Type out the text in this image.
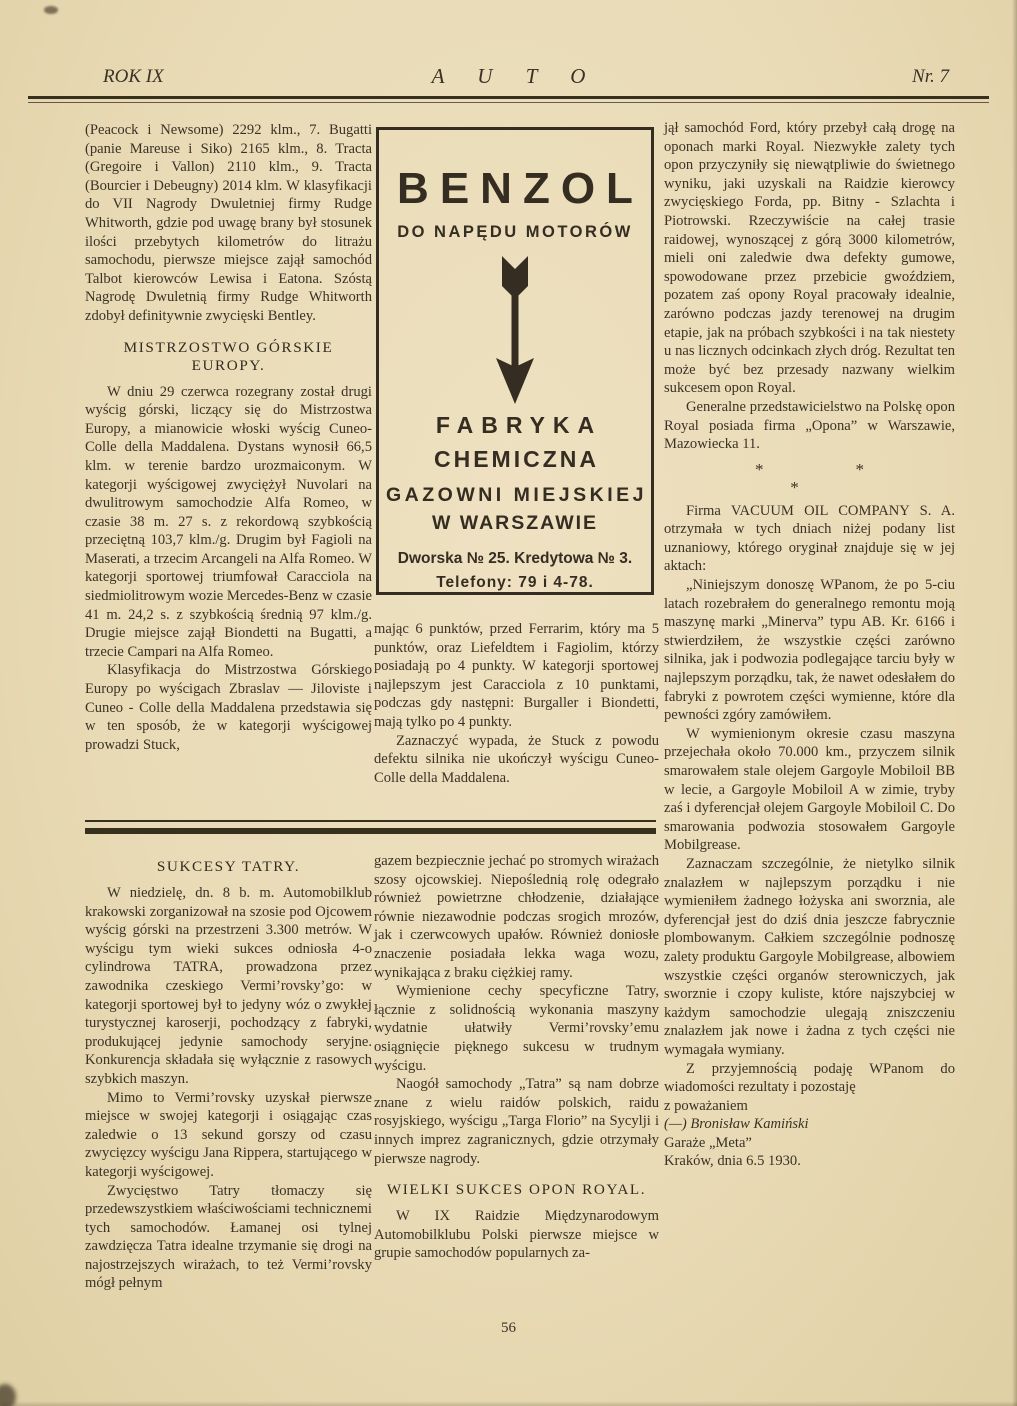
ROK IX	A U T O	Nr. 7

(Peacock i Newsome) 2292 klm., 7. Bugatti (panie Mareuse i Siko) 2165 klm., 8. Tracta (Gregoire i Vallon) 2110 klm., 9. Tracta (Bourcier i Debeugny) 2014 klm. W klasyfikacji do VII Nagrody Dwuletniej firmy Rudge Whitworth, gdzie pod uwagę brany był stosunek ilości przebytych kilometrów do litrażu samochodu, pierwsze miejsce zajął samochód Talbot kierowców Lewisa i Eatona. Szóstą Nagrodę Dwuletnią firmy Rudge Whitworth zdobył definitywnie zwycięski Bentley.

MISTRZOSTWO GÓRSKIE EUROPY.

W dniu 29 czerwca rozegrany został drugi wyścig górski, liczący się do Mistrzostwa Europy, a mianowicie włoski wyścig Cuneo-Colle della Maddalena. Dystans wynosił 66,5 klm. w terenie bardzo urozmaiconym. W kategorji wyścigowej zwyciężył Nuvolari na dwulitrowym samochodzie Alfa Romeo, w czasie 38 m. 27 s. z rekordową szybkością przeciętną 103,7 klm./g. Drugim był Fagioli na Maserati, a trzecim Arcangeli na Alfa Romeo. W kategorji sportowej triumfował Caracciola na siedmiolitrowym wozie Mercedes-Benz w czasie 41 m. 24,2 s. z szybkością średnią 97 klm./g. Drugie miejsce zajął Biondetti na Bugatti, a trzecie Campari na Alfa Romeo.

Klasyfikacja do Mistrzostwa Górskiego Europy po wyścigach Zbraslav — Jiloviste i Cuneo - Colle della Maddalena przedstawia się w ten sposób, że w kategorji wyścigowej prowadzi Stuck,

BENZOL
DO NAPĘDU MOTORÓW
FABRYKA
CHEMICZNA
GAZOWNI MIEJSKIEJ
W WARSZAWIE
Dworska № 25. Kredytowa № 3.
Telefony: 79 i 4-78.

mając 6 punktów, przed Ferrarim, który ma 5 punktów, oraz Liefeldtem i Fagiolim, którzy posiadają po 4 punkty. W kategorji sportowej najlepszym jest Caracciola z 10 punktami, podczas gdy następni: Burgaller i Biondetti, mają tylko po 4 punkty.

Zaznaczyć wypada, że Stuck z powodu defektu silnika nie ukończył wyścigu Cuneo-Colle della Maddalena.

SUKCESY TATRY.

W niedzielę, dn. 8 b. m. Automobilklub krakowski zorganizował na szosie pod Ojcowem wyścig górski na przestrzeni 3.300 metrów. W wyścigu tym wieki sukces odniosła 4-o cylindrowa TATRA, prowadzona przez zawodnika czeskiego Vermi’rovsky’go: w kategorji sportowej był to jedyny wóz o zwykłej turystycznej karoserji, pochodzący z fabryki, produkującej jedynie samochody seryjne. Konkurencja składała się wyłącznie z rasowych szybkich maszyn.

Mimo to Vermi’rovsky uzyskał pierwsze miejsce w swojej kategorji i osiągając czas zaledwie o 13 sekund gorszy od czasu zwycięzcy wyścigu Jana Rippera, startującego w kategorji wyścigowej.

Zwycięstwo Tatry tłomaczy się przedewszystkiem właściwościami technicznemi tych samochodów. Łamanej osi tylnej zawdzięcza Tatra idealne trzymanie się drogi na najostrzejszych wirażach, to też Vermi’rovsky mógł pełnym

gazem bezpiecznie jechać po stromych wirażach szosy ojcowskiej. Niepoślednią rolę odegrało również powietrzne chłodzenie, działające równie niezawodnie podczas srogich mrozów, jak i czerwcowych upałów. Również doniosłe znaczenie posiadała lekka waga wozu, wynikająca z braku ciężkiej ramy.

Wymienione cechy specyficzne Tatry, łącznie z solidnością wykonania maszyny wydatnie ułatwiły Vermi’rovsky’emu osiągnięcie pięknego sukcesu w trudnym wyścigu.

Naogół samochody „Tatra” są nam dobrze znane z wielu raidów polskich, raidu rosyjskiego, wyścigu „Targa Florio” na Sycylji i innych imprez zagranicznych, gdzie otrzymały pierwsze nagrody.

WIELKI SUKCES OPON ROYAL.

W IX Raidzie Międzynarodowym Automobilklubu Polski pierwsze miejsce w grupie samochodów popularnych za-

jął samochód Ford, który przebył całą drogę na oponach marki Royal. Niezwykłe zalety tych opon przyczyniły się niewątpliwie do świetnego wyniku, jaki uzyskali na Raidzie kierowcy zwycięskiego Forda, pp. Bitny - Szlachta i Piotrowski. Rzeczywiście na całej trasie raidowej, wynoszącej z górą 3000 kilometrów, mieli oni zaledwie dwa defekty gumowe, spowodowane przez przebicie gwoździem, pozatem zaś opony Royal pracowały idealnie, zarówno podczas jazdy terenowej na drugim etapie, jak na próbach szybkości i na tak niestety u nas licznych odcinkach złych dróg. Rezultat ten może być bez przesady nazwany wielkim sukcesem opon Royal.

Generalne przedstawicielstwo na Polskę opon Royal posiada firma „Opona” w Warszawie, Mazowiecka 11.

*	*
*

Firma VACUUM OIL COMPANY S. A. otrzymała w tych dniach niżej podany list uznaniowy, którego oryginał znajduje się w jej aktach:

„Niniejszym donoszę WPanom, że po 5-ciu latach rozebrałem do generalnego remontu moją maszynę marki „Minerva” typu AB. Kr. 6166 i stwierdziłem, że wszystkie części zarówno silnika, jak i podwozia podlegające tarciu były w najlepszym porządku, tak, że nawet odesłałem do fabryki z powrotem części wymienne, które dla pewności zgóry zamówiłem.

W wymienionym okresie czasu maszyna przejechała około 70.000 km., przyczem silnik smarowałem stale olejem Gargoyle Mobiloil BB w lecie, a Gargoyle Mobiloil A w zimie, tryby zaś i dyferencjał olejem Gargoyle Mobiloil C. Do smarowania podwozia stosowałem Gargoyle Mobilgrease.

Zaznaczam szczególnie, że nietylko silnik znalazłem w najlepszym porządku i nie wymieniłem żadnego łożyska ani sworznia, ale dyferencjał jest do dziś dnia jeszcze fabrycznie plombowanym. Całkiem szczególnie podnoszę zalety produktu Gargoyle Mobilgrease, albowiem wszystkie części organów sterowniczych, jak sworznie i czopy kuliste, które najszybciej w każdym samochodzie ulegają zniszczeniu znalazłem jak nowe i żadna z tych części nie wymagała wymiany.

Z przyjemnością podaję WPanom do wiadomości rezultaty i pozostaję

z poważaniem

(—) Bronisław Kamiński

Garaże „Meta”

Kraków, dnia 6.5 1930.

56
